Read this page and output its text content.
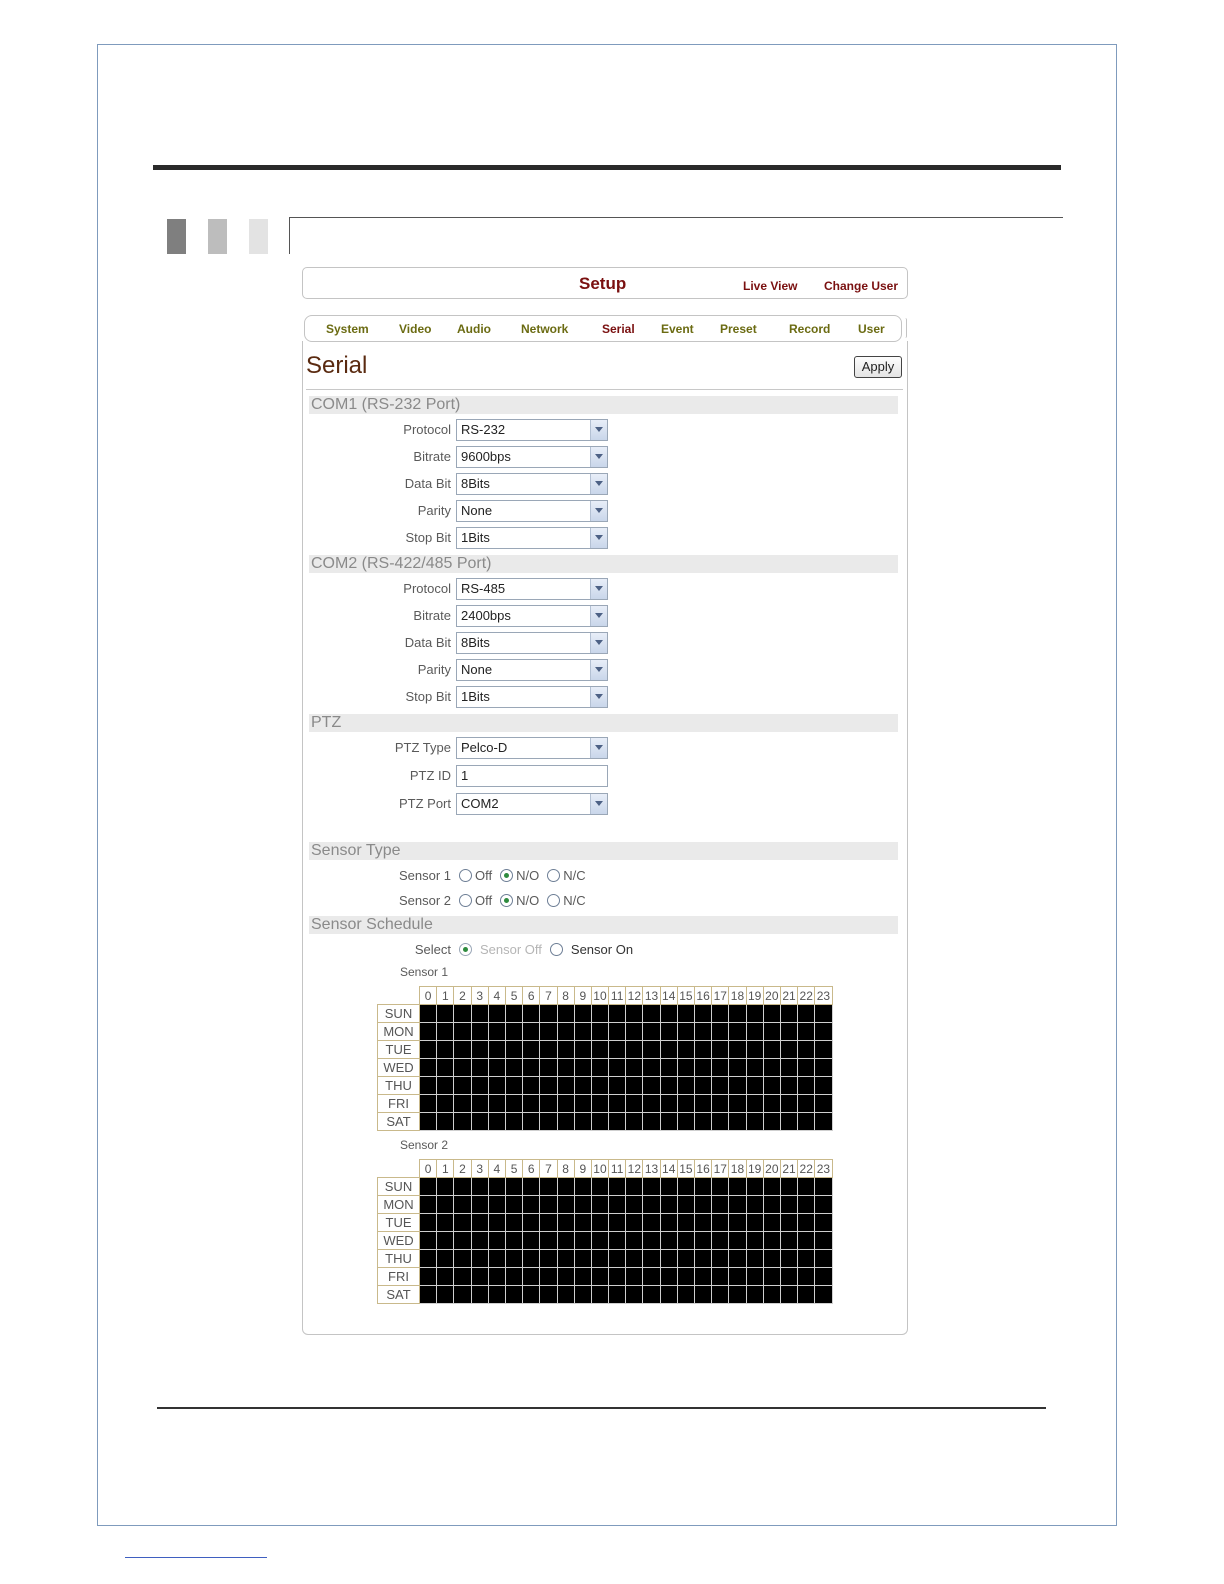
Setup	Live View Change User
System	Video Audio	Network	Serial Event Preset	Record User
Serial	Apply
COM1 (RS-232 Port)
Protocol RS-232
Bitrate 9600bps
Data Bit 8Bits
Parity None
Stop Bit 1Bits
COM2 (RS-422/485 Port)
Protocol RS-485
Bitrate 2400bps
Data Bit 8Bits
Parity None
Stop Bit 1Bits
PTZ
PTZ Type Pelco-D
PTZ ID 1
PTZ Port COM2
Sensor Type
Sensor 1 Off N/O N/C
Sensor 2 Off N/O N/C
Sensor Schedule
Select Sensor Off Sensor On
Sensor 1
	0	1	2	3	4	5	6	7	8	9	10	11	12	13	14	15	16	17	18	19	20	21	22	23
SUN																								
MON																								
TUE																								
WED																								
THU																								
FRI																								
SAT																								
Sensor 2
	0	1	2	3	4	5	6	7	8	9	10	11	12	13	14	15	16	17	18	19	20	21	22	23
SUN																								
MON																								
TUE																								
WED																								
THU																								
FRI																								
SAT																								
